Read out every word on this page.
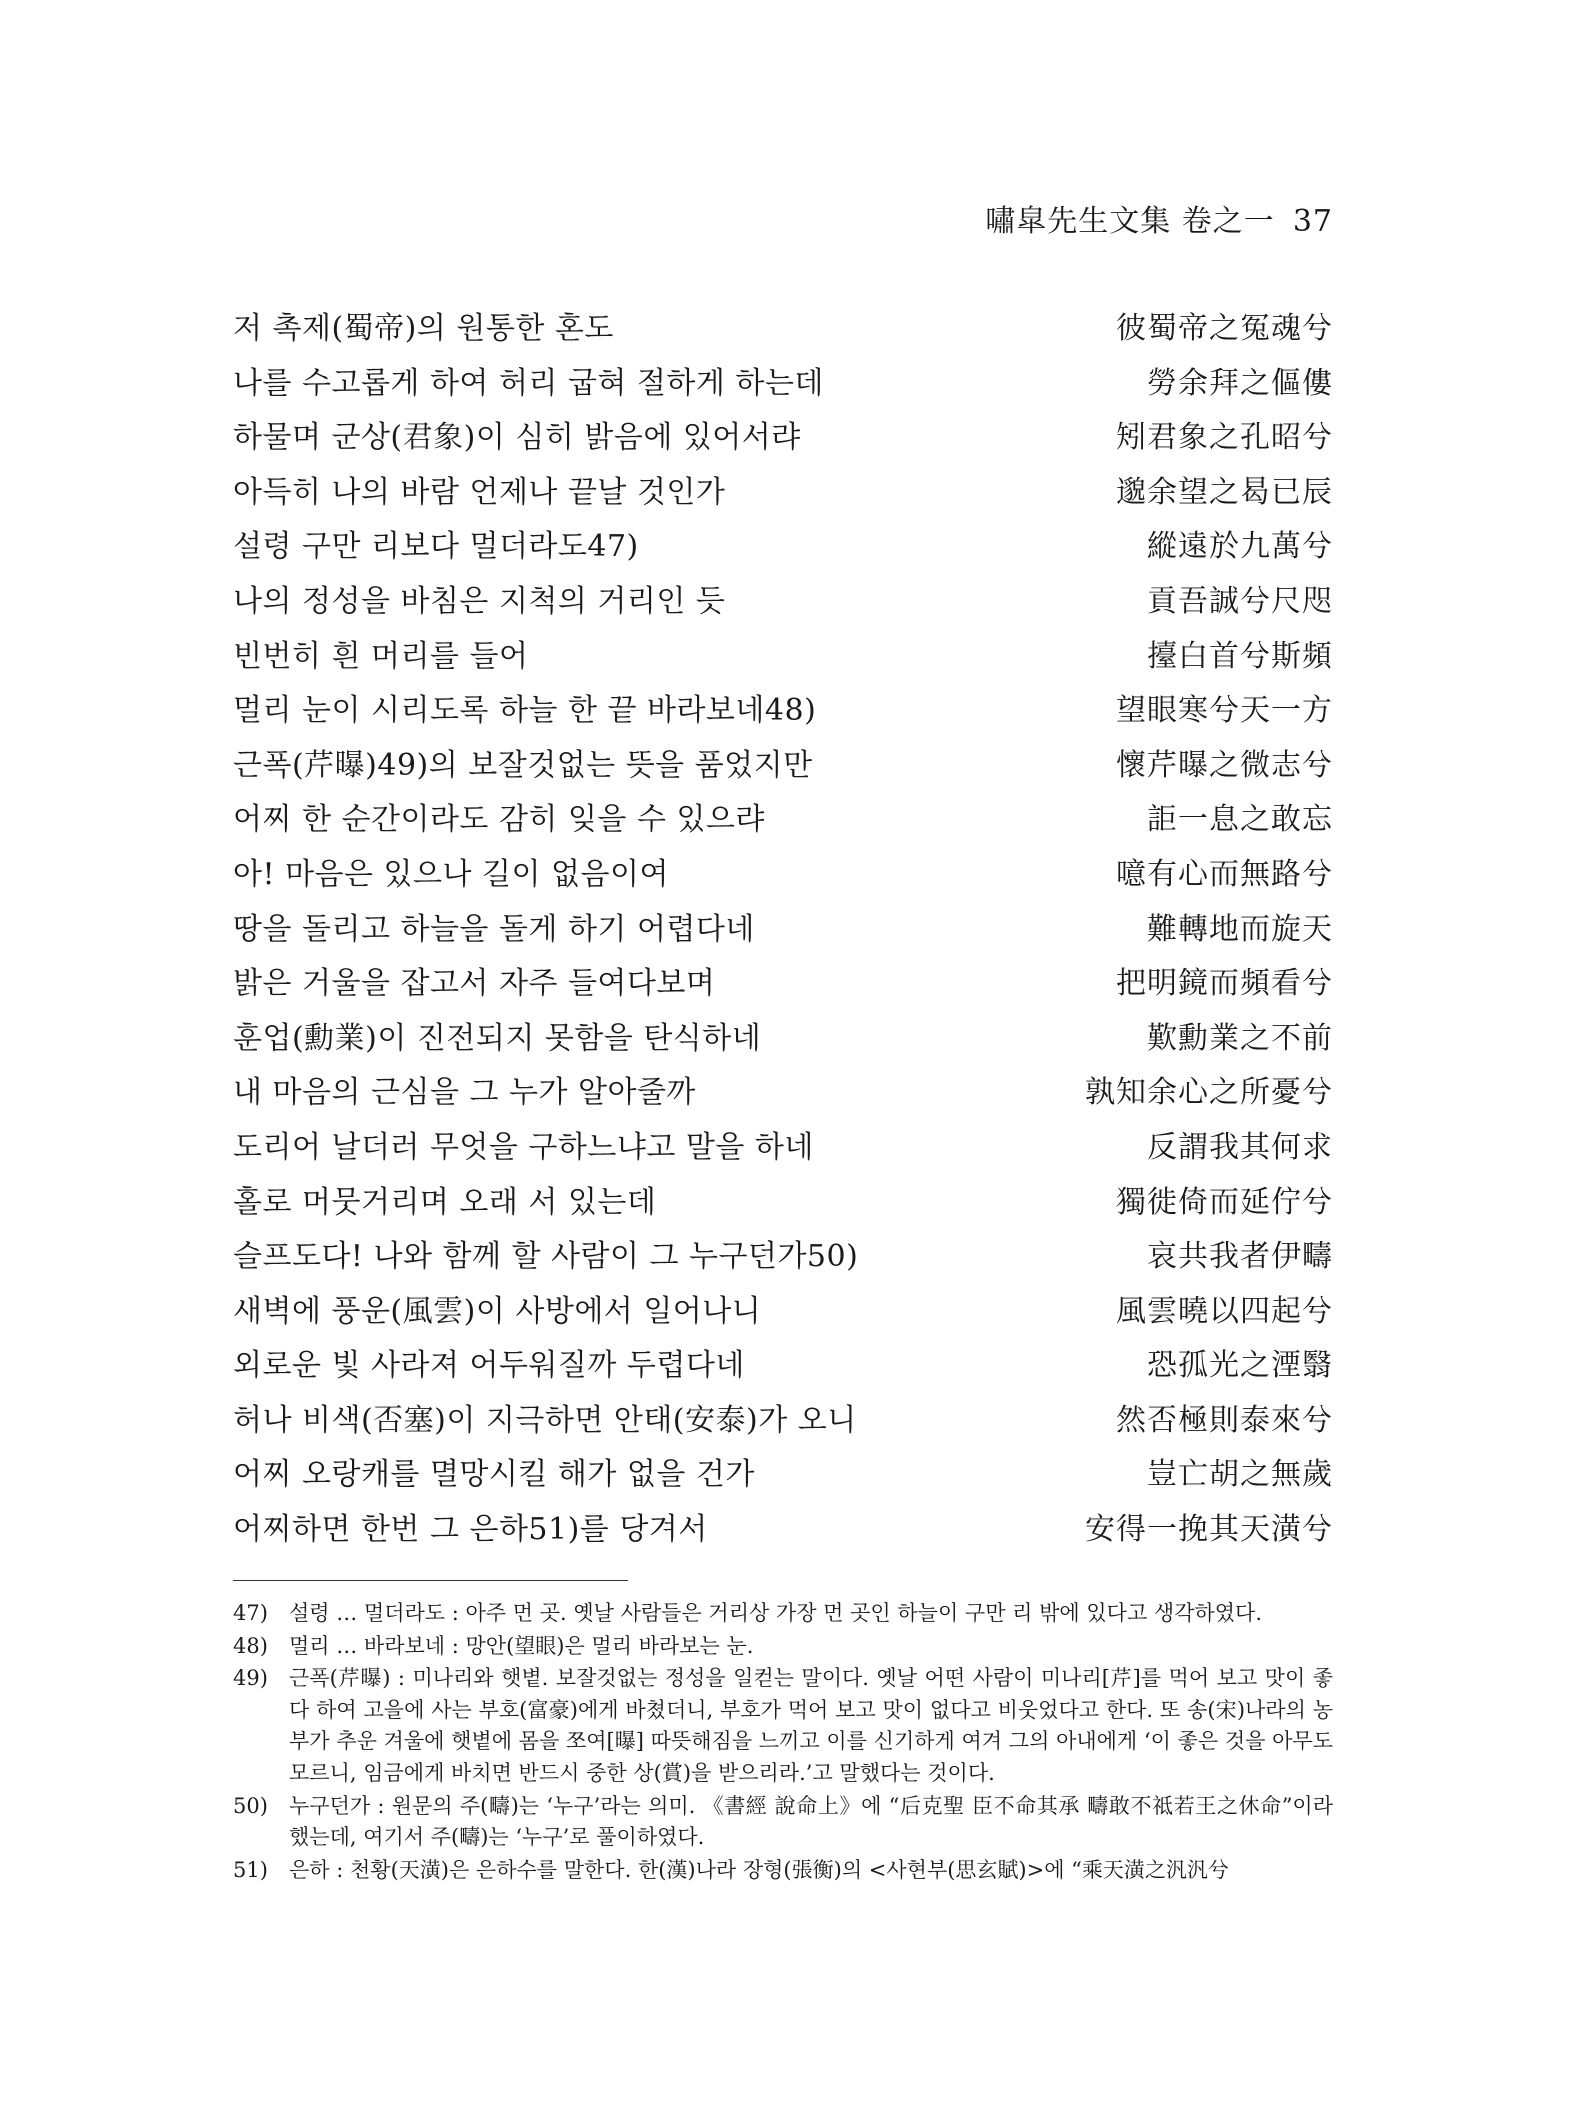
嘯皐先生文集 卷之一 37
저 촉제(蜀帝)의 원통한 혼도	彼蜀帝之冤魂兮
나를 수고롭게 하여 허리 굽혀 절하게 하는데	勞余拜之傴僂
하물며 군상(君象)이 심히 밝음에 있어서랴	矧君象之孔昭兮
아득히 나의 바람 언제나 끝날 것인가	邈余望之曷已辰
설령 구만 리보다 멀더라도47)	縱遠於九萬兮
나의 정성을 바침은 지척의 거리인 듯	貢吾誠兮尺咫
빈번히 흰 머리를 들어	擡白首兮斯頻
멀리 눈이 시리도록 하늘 한 끝 바라보네48)	望眼寒兮天一方
근폭(芹曝)49)의 보잘것없는 뜻을 품었지만	懷芹曝之微志兮
어찌 한 순간이라도 감히 잊을 수 있으랴	詎一息之敢忘
아! 마음은 있으나 길이 없음이여	噫有心而無路兮
땅을 돌리고 하늘을 돌게 하기 어렵다네	難轉地而旋天
밝은 거울을 잡고서 자주 들여다보며	把明鏡而頻看兮
훈업(勳業)이 진전되지 못함을 탄식하네	歎勳業之不前
내 마음의 근심을 그 누가 알아줄까	孰知余心之所憂兮
도리어 날더러 무엇을 구하느냐고 말을 하네	反謂我其何求
홀로 머뭇거리며 오래 서 있는데	獨徙倚而延佇兮
슬프도다! 나와 함께 할 사람이 그 누구던가50)	哀共我者伊疇
새벽에 풍운(風雲)이 사방에서 일어나니	風雲曉以四起兮
외로운 빛 사라져 어두워질까 두렵다네	恐孤光之湮翳
허나 비색(否塞)이 지극하면 안태(安泰)가 오니	然否極則泰來兮
어찌 오랑캐를 멸망시킬 해가 없을 건가	豈亡胡之無歲
어찌하면 한번 그 은하51)를 당겨서	安得一挽其天潢兮
47)	설령 … 멀더라도 : 아주 먼 곳. 옛날 사람들은 거리상 가장 먼 곳인 하늘이 구만 리 밖에 있다고 생각하였다.
48)	멀리 … 바라보네 : 망안(望眼)은 멀리 바라보는 눈.
49)	근폭(芹曝) : 미나리와 햇볕. 보잘것없는 정성을 일컫는 말이다. 옛날 어떤 사람이 미나리[芹]를 먹어 보고 맛이 좋다 하여 고을에 사는 부호(富豪)에게 바쳤더니, 부호가 먹어 보고 맛이 없다고 비웃었다고 한다. 또 송(宋)나라의 농부가 추운 겨울에 햇볕에 몸을 쪼여[曝] 따뜻해짐을 느끼고 이를 신기하게 여겨 그의 아내에게 ‘이 좋은 것을 아무도 모르니, 임금에게 바치면 반드시 중한 상(賞)을 받으리라.’고 말했다는 것이다.
50)	누구던가 : 원문의 주(疇)는 ‘누구’라는 의미. 《書經 說命上》에 “后克聖 臣不命其承 疇敢不祗若王之休命”이라 했는데, 여기서 주(疇)는 ‘누구’로 풀이하였다.
51)	은하 : 천황(天潢)은 은하수를 말한다. 한(漢)나라 장형(張衡)의 <사현부(思玄賦)>에 “乘天潢之汎汎兮
